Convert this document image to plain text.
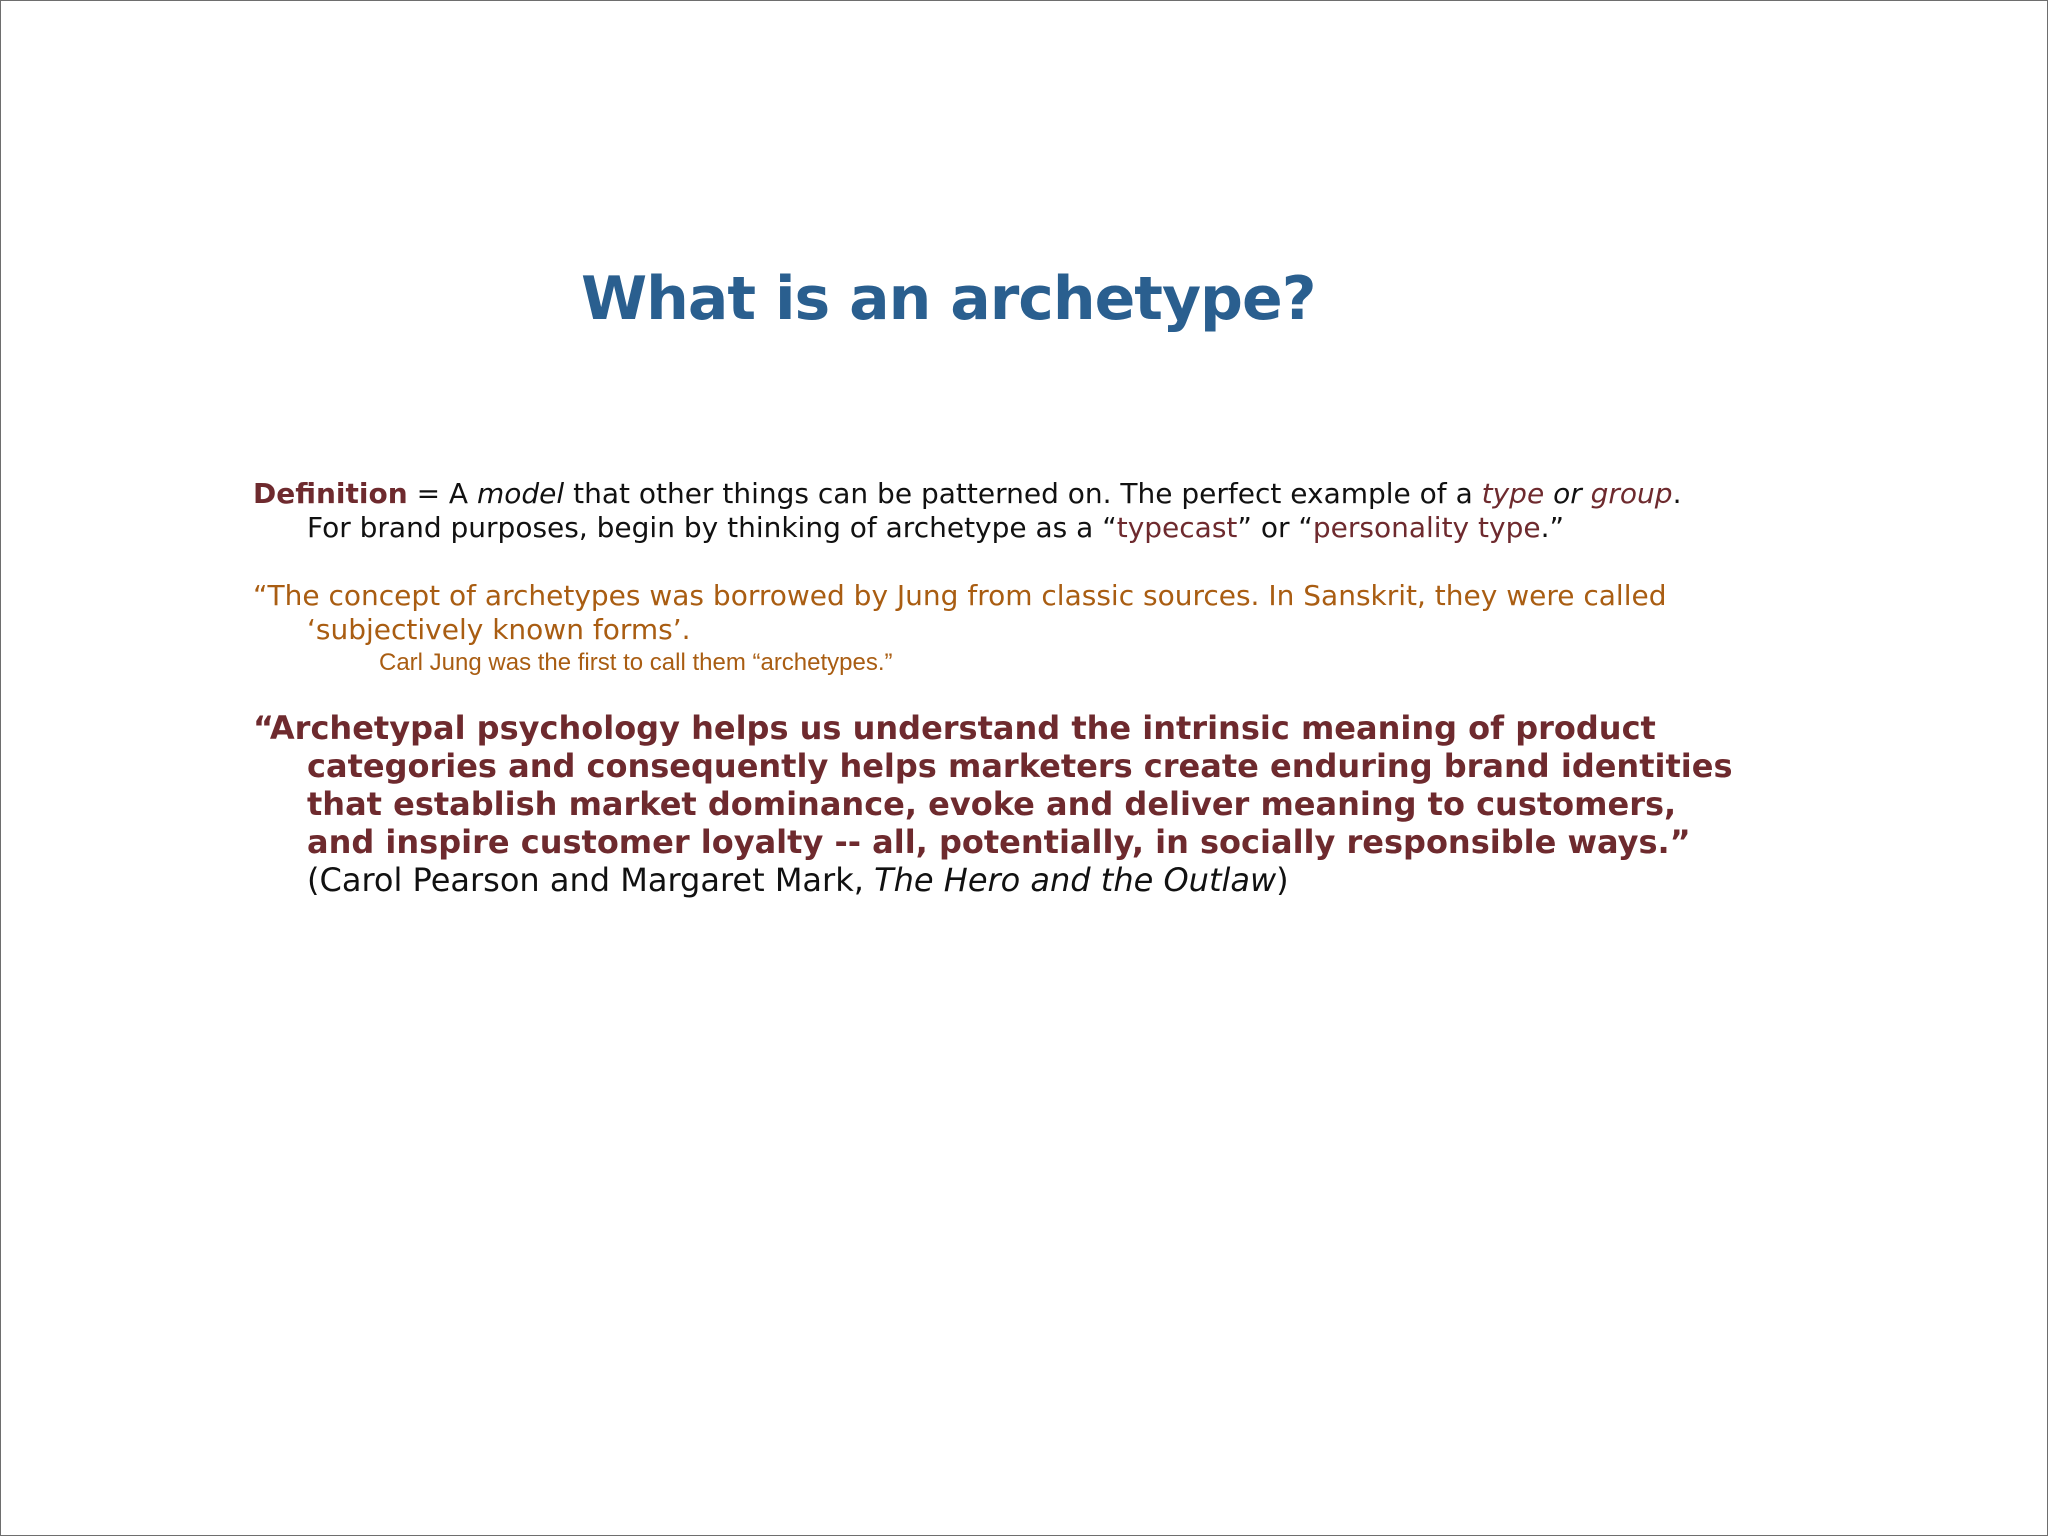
What is an archetype?

Definition = A model that other things can be patterned on. The perfect example of a type or group. For brand purposes, begin by thinking of archetype as a “typecast” or “personality type.”

“The concept of archetypes was borrowed by Jung from classic sources. In Sanskrit, they were called ‘subjectively known forms’.
Carl Jung was the first to call them “archetypes.”

“Archetypal psychology helps us understand the intrinsic meaning of product categories and consequently helps marketers create enduring brand identities that establish market dominance, evoke and deliver meaning to customers, and inspire customer loyalty -- all, potentially, in socially responsible ways.” (Carol Pearson and Margaret Mark, The Hero and the Outlaw)
